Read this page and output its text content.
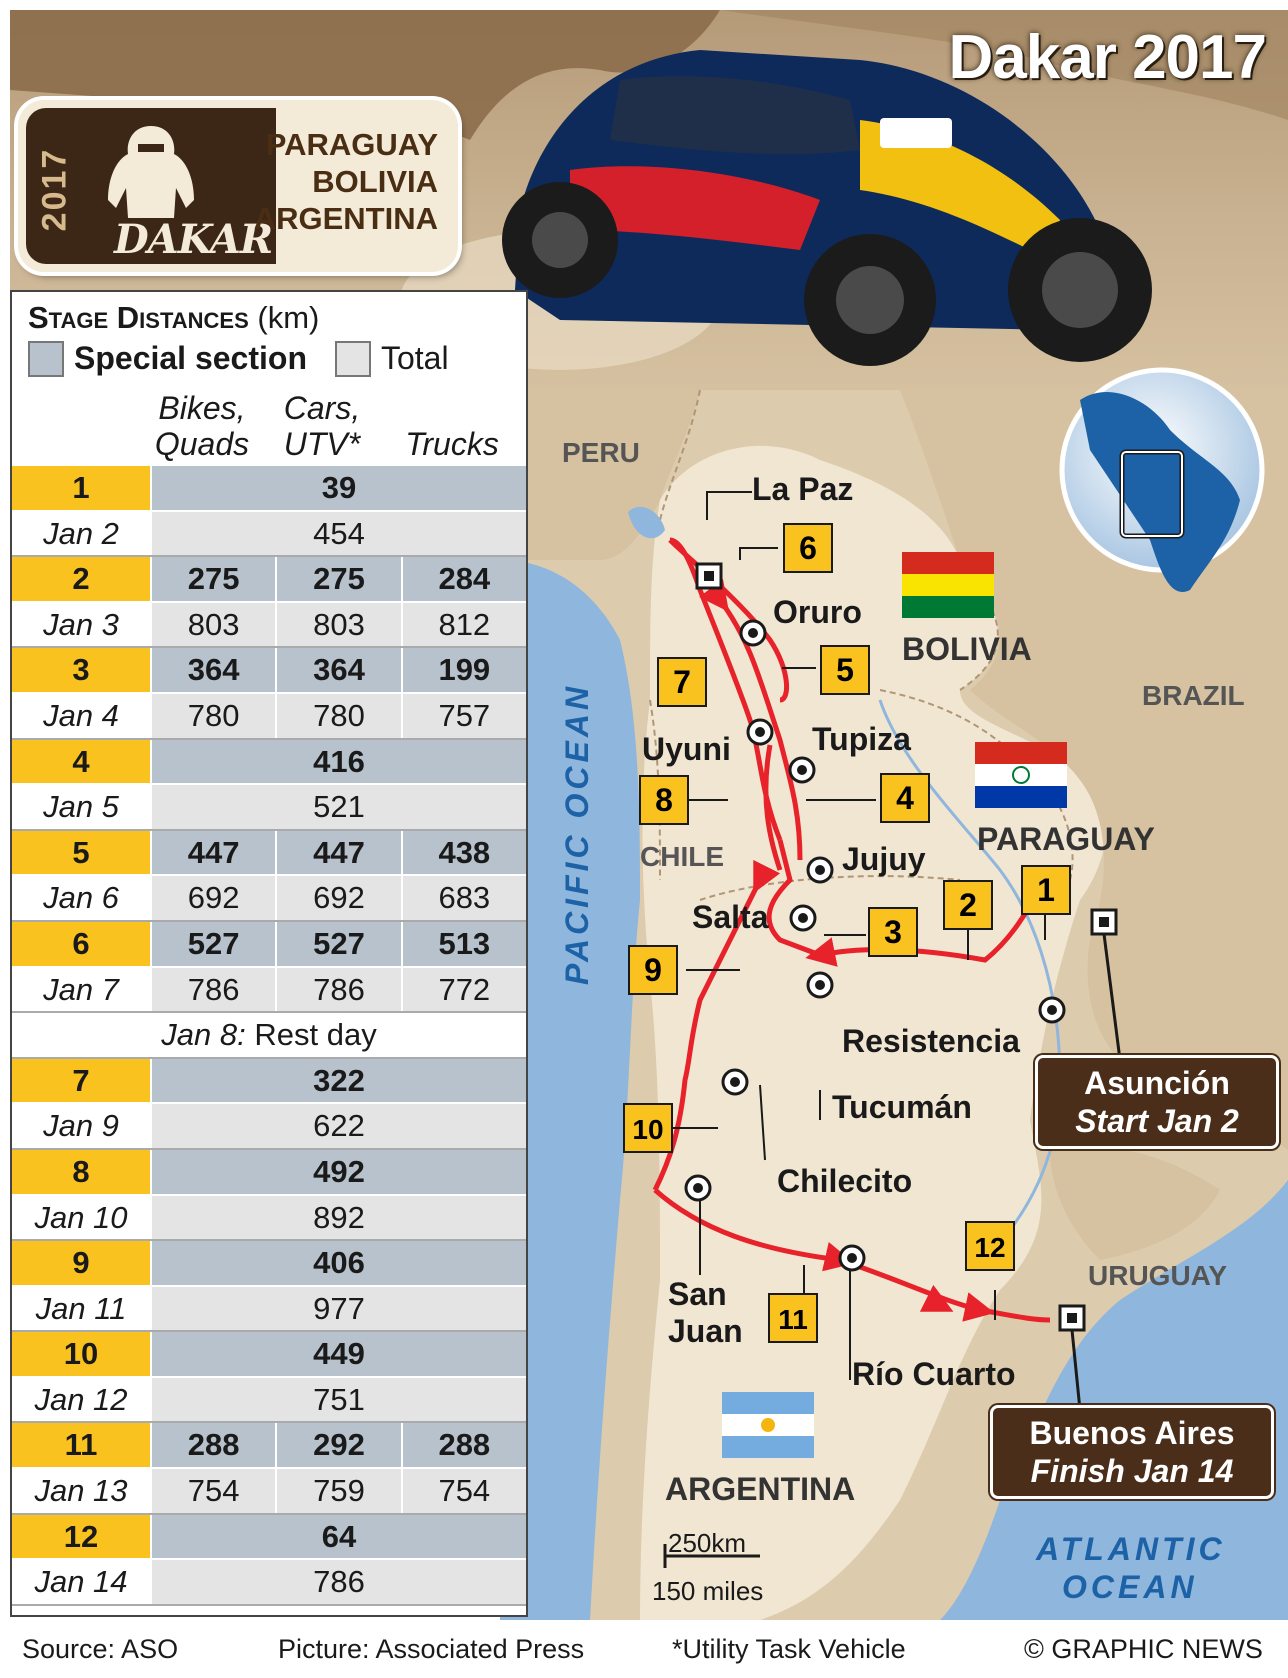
1
2
3
4
5
6
7
8
9
10
11
12
PERU
BRAZIL
BOLIVIA
PARAGUAY
CHILE
ARGENTINA
URUGUAY
PACIFIC OCEAN
ATLANTIC
OCEAN
La Paz
Oruro
Uyuni	Tupiza
Jujuy
Salta
Resistencia
Tucumán
Chilecito
San
Juan
Río Cuarto
250km
150 miles
Dakar 2017
2017
DAKAR
PARAGUAY
BOLIVIA
ARGENTINA
Stage Distances (km)
Special section Total
Bikes,
Quads
Cars,
UTV*	Trucks
1	39
Jan 2	454
2	275	275	284
Jan 3	803	803	812
3	364	364	199
Jan 4	780	780	757
4	416
Jan 5	521
5	447	447	438
Jan 6	692	692	683
6	527	527	513
Jan 7	786	786	772
Jan 8: Rest day
7	322
Jan 9	622
8	492
Jan 10	892
9	406
Jan 11	977
10	449
Jan 12	751
11	288	292	288
Jan 13	754	759	754
12	64
Jan 14	786
Asunción
Start Jan 2
Buenos Aires
Finish Jan 14
Source: ASO	Picture: Associated Press	*Utility Task Vehicle	© GRAPHIC NEWS
